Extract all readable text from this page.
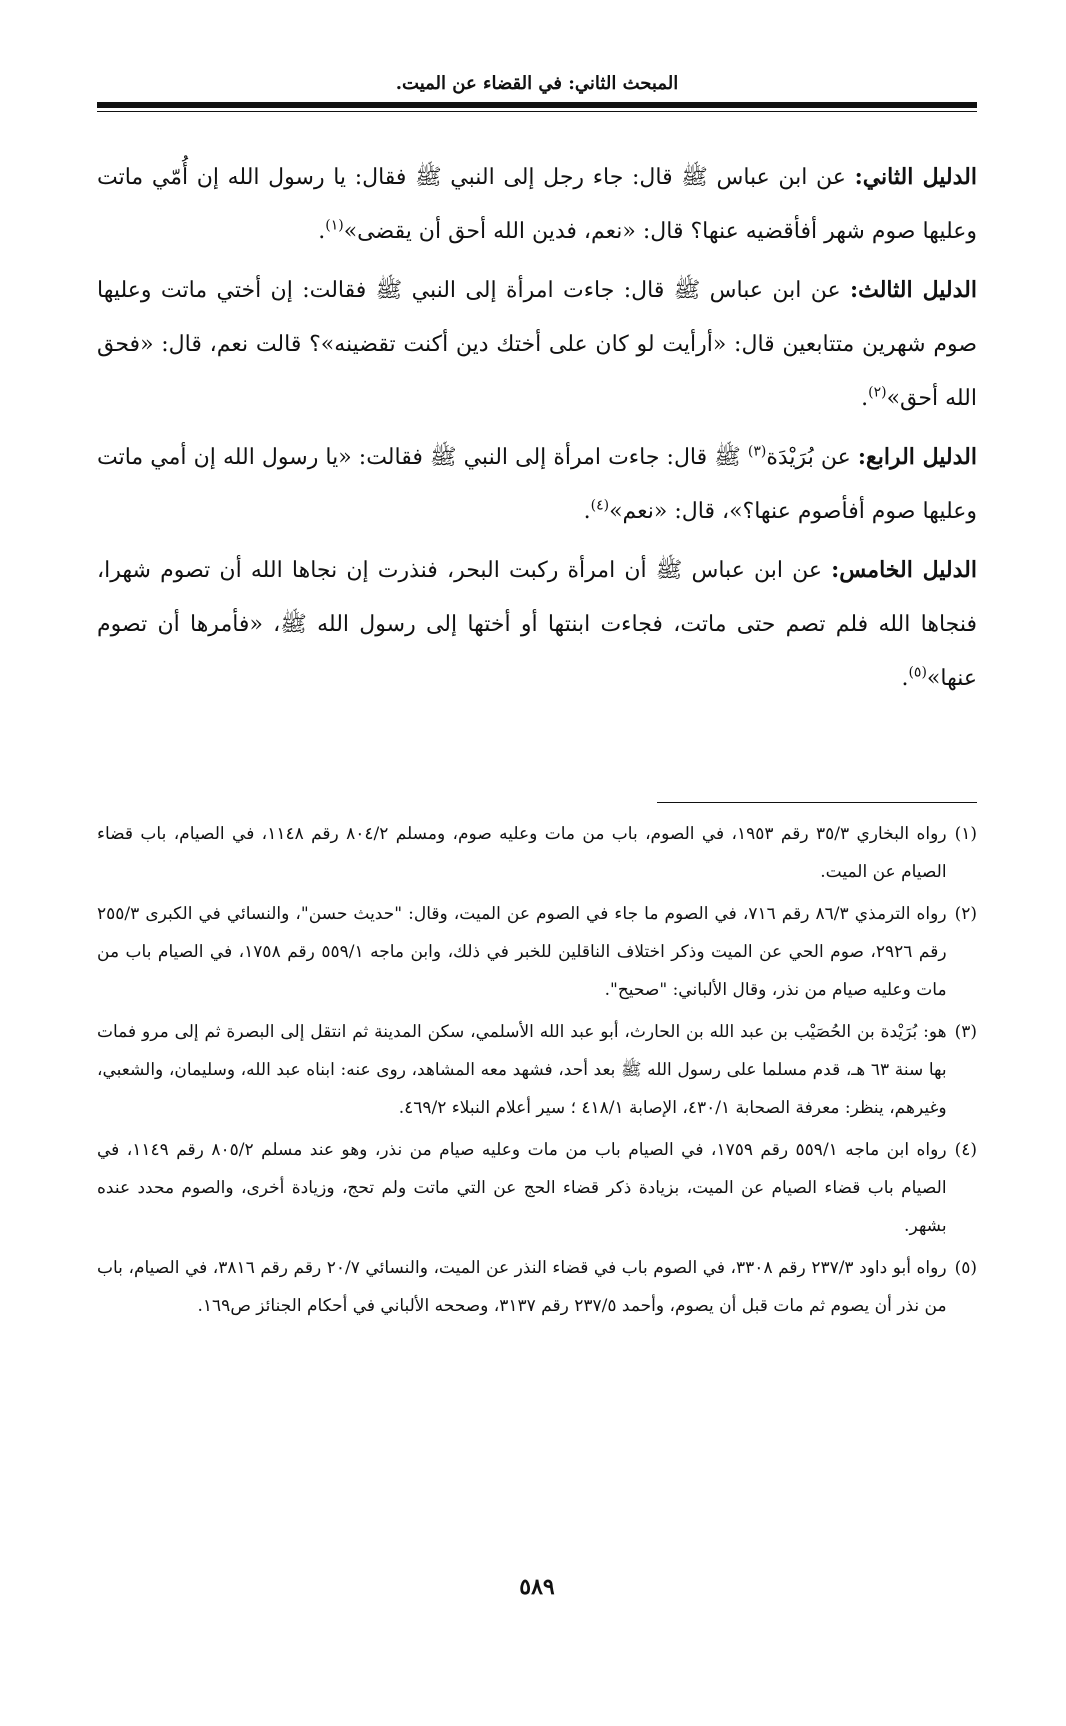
المبحث الثاني: في القضاء عن الميت.

الدليل الثاني: عن ابن عباس ﷺ قال: جاء رجل إلى النبي ﷺ فقال: يا رسول الله إن أُمّي ماتت وعليها صوم شهر أفأقضيه عنها؟ قال: «نعم، فدين الله أحق أن يقضى»$^{(١)}$.

الدليل الثالث: عن ابن عباس ﷺ قال: جاءت امرأة إلى النبي ﷺ فقالت: إن أختي ماتت وعليها صوم شهرين متتابعين قال: «أرأيت لو كان على أختك دين أكنت تقضينه»؟ قالت نعم، قال: «فحق الله أحق»$^{(٢)}$.

الدليل الرابع: عن بُرَيْدَة$^{(٣)}$ ﷺ قال: جاءت امرأة إلى النبي ﷺ فقالت: «يا رسول الله إن أمي ماتت وعليها صوم أفأصوم عنها؟»، قال: «نعم»$^{(٤)}$.

الدليل الخامس: عن ابن عباس ﷺ أن امرأة ركبت البحر، فنذرت إن نجاها الله أن تصوم شهرا، فنجاها الله فلم تصم حتى ماتت، فجاءت ابنتها أو أختها إلى رسول الله ﷺ، «فأمرها أن تصوم عنها»$^{(٥)}$.

(١)
رواه البخاري ٣٥/٣ رقم ١٩٥٣، في الصوم، باب من مات وعليه صوم، ومسلم ٨٠٤/٢ رقم ١١٤٨، في الصيام، باب قضاء الصيام عن الميت.
(٢)
رواه الترمذي ٨٦/٣ رقم ٧١٦، في الصوم ما جاء في الصوم عن الميت، وقال: "حديث حسن"، والنسائي في الكبرى ٢٥٥/٣ رقم ٢٩٢٦، صوم الحي عن الميت وذكر اختلاف الناقلين للخبر في ذلك، وابن ماجه ٥٥٩/١ رقم ١٧٥٨، في الصيام باب من مات وعليه صيام من نذر، وقال الألباني: "صحيح".
(٣)
هو: بُرَيْدة بن الحُصَيْب بن عبد الله بن الحارث، أبو عبد الله الأسلمي، سكن المدينة ثم انتقل إلى البصرة ثم إلى مرو فمات بها سنة ٦٣ هـ، قدم مسلما على رسول الله ﷺ بعد أحد، فشهد معه المشاهد، روى عنه: ابناه عبد الله، وسليمان، والشعبي، وغيرهم، ينظر: معرفة الصحابة ٤٣٠/١، الإصابة ٤١٨/١ ؛ سير أعلام النبلاء ٤٦٩/٢.
(٤)
رواه ابن ماجه ٥٥٩/١ رقم ١٧٥٩، في الصيام باب من مات وعليه صيام من نذر، وهو عند مسلم ٨٠٥/٢ رقم ١١٤٩، في الصيام باب قضاء الصيام عن الميت، بزيادة ذكر قضاء الحج عن التي ماتت ولم تحج، وزيادة أخرى، والصوم محدد عنده بشهر.
(٥)
رواه أبو داود ٢٣٧/٣ رقم ٣٣٠٨، في الصوم باب في قضاء النذر عن الميت، والنسائي ٢٠/٧ رقم رقم ٣٨١٦، في الصيام، باب من نذر أن يصوم ثم مات قبل أن يصوم، وأحمد ٢٣٧/٥ رقم ٣١٣٧، وصححه الألباني في أحكام الجنائز ص١٦٩.
٥٨٩
